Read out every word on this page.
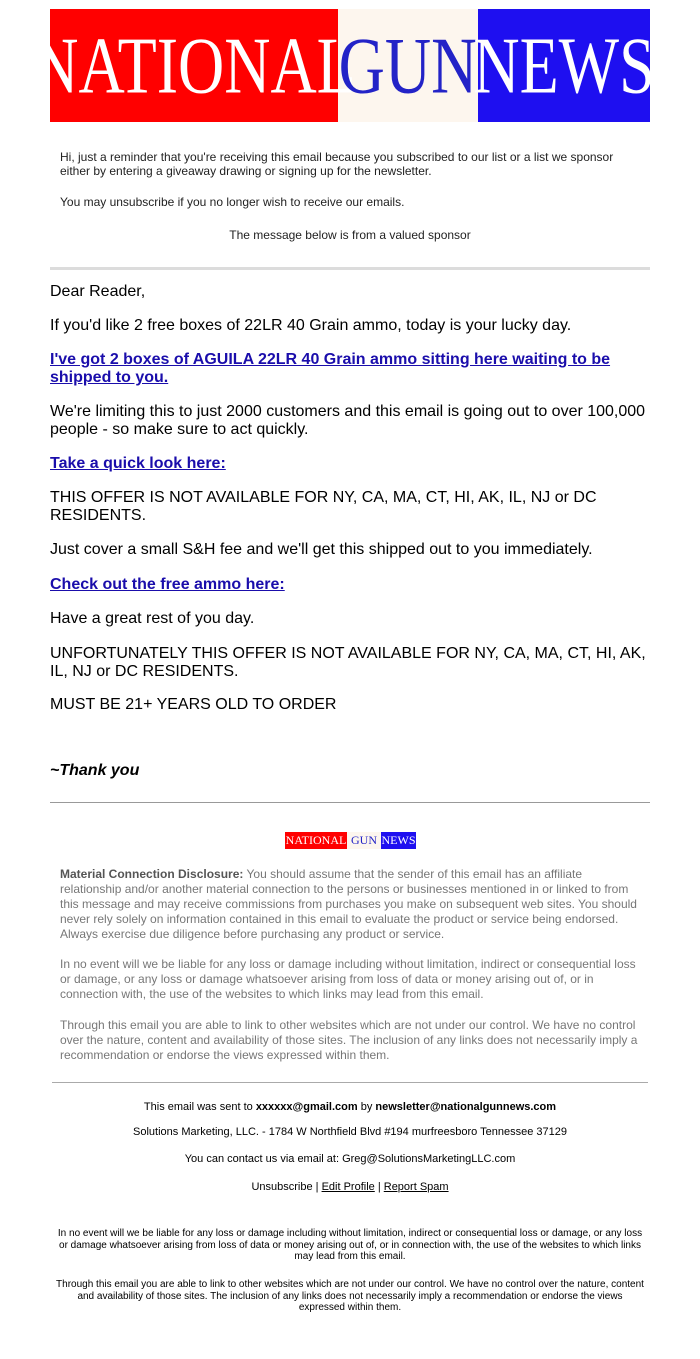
NATIONAL
GUN
NEWS

Hi, just a reminder that you're receiving this email because you subscribed to our list or a list we sponsor either by entering a giveaway drawing or signing up for the newsletter.

You may unsubscribe if you no longer wish to receive our emails.

The message below is from a valued sponsor

Dear Reader,

If you'd like 2 free boxes of 22LR 40 Grain ammo, today is your lucky day.

I've got 2 boxes of AGUILA 22LR 40 Grain ammo sitting here waiting to be shipped to you.

We're limiting this to just 2000 customers and this email is going out to over 100,000 people - so make sure to act quickly.

Take a quick look here:

THIS OFFER IS NOT AVAILABLE FOR NY, CA, MA, CT, HI, AK, IL, NJ or DC RESIDENTS.

Just cover a small S&H fee and we'll get this shipped out to you immediately.

Check out the free ammo here:

Have a great rest of you day.

UNFORTUNATELY THIS OFFER IS NOT AVAILABLE FOR NY, CA, MA, CT, HI, AK, IL, NJ or DC RESIDENTS.

MUST BE 21+ YEARS OLD TO ORDER

~Thank you
NATIONAL GUN NEWS

Material Connection Disclosure: You should assume that the sender of this email has an affiliate relationship and/or another material connection to the persons or businesses mentioned in or linked to from this message and may receive commissions from purchases you make on subsequent web sites. You should never rely solely on information contained in this email to evaluate the product or service being endorsed. Always exercise due diligence before purchasing any product or service.

In no event will we be liable for any loss or damage including without limitation, indirect or consequential loss or damage, or any loss or damage whatsoever arising from loss of data or money arising out of, or in connection with, the use of the websites to which links may lead from this email.

Through this email you are able to link to other websites which are not under our control. We have no control over the nature, content and availability of those sites. The inclusion of any links does not necessarily imply a recommendation or endorse the views expressed within them.

This email was sent to xxxxxx@gmail.com by newsletter@nationalgunnews.com

Solutions Marketing, LLC. - 1784 W Northfield Blvd #194 murfreesboro Tennessee 37129

You can contact us via email at: Greg@SolutionsMarketingLLC.com

Unsubscribe | Edit Profile | Report Spam

In no event will we be liable for any loss or damage including without limitation, indirect or consequential loss or damage, or any loss or damage whatsoever arising from loss of data or money arising out of, or in connection with, the use of the websites to which links may lead from this email.

Through this email you are able to link to other websites which are not under our control. We have no control over the nature, content and availability of those sites. The inclusion of any links does not necessarily imply a recommendation or endorse the views expressed within them.
